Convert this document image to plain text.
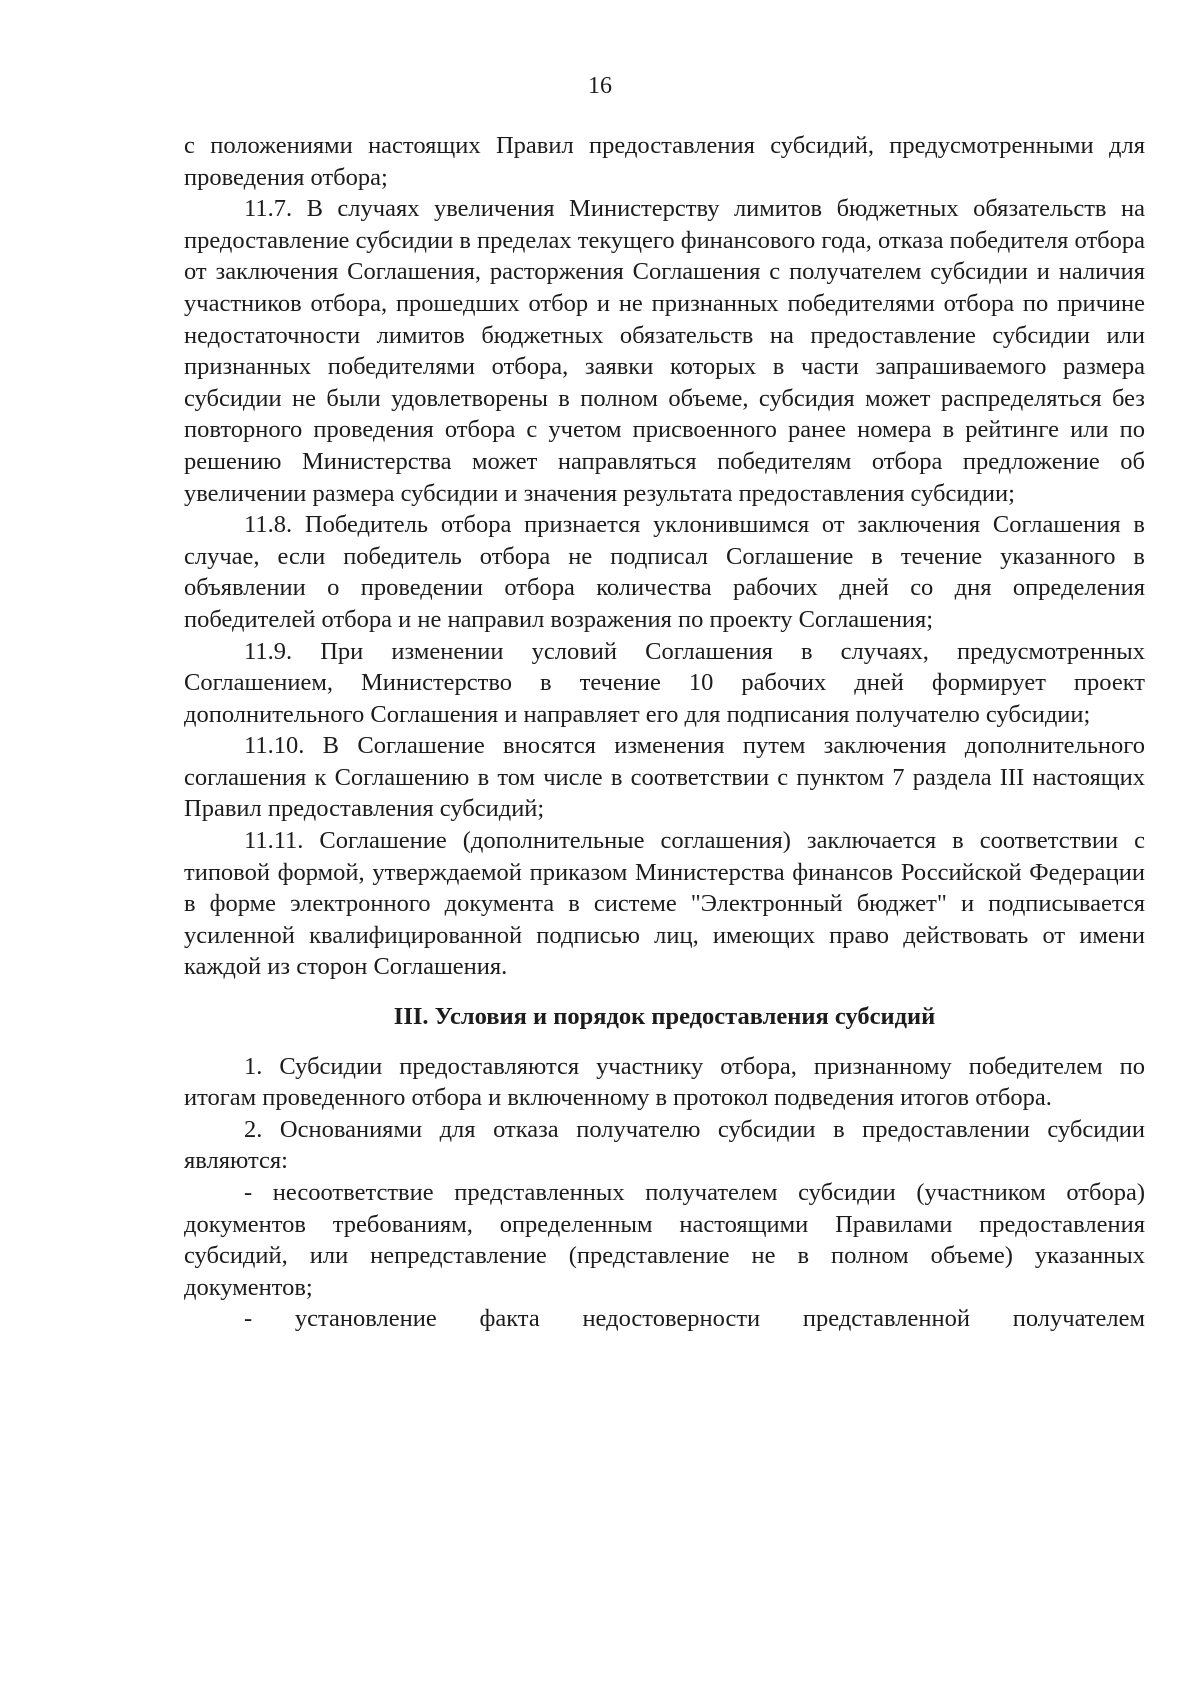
16

с положениями настоящих Правил предоставления субсидий, предусмотренными для проведения отбора;

11.7. В случаях увеличения Министерству лимитов бюджетных обязательств на предоставление субсидии в пределах текущего финансового года, отказа победителя отбора от заключения Соглашения, расторжения Соглашения с получателем субсидии и наличия участников отбора, прошедших отбор и не признанных победителями отбора по причине недостаточности лимитов бюджетных обязательств на предоставление субсидии или признанных победителями отбора, заявки которых в части запрашиваемого размера субсидии не были удовлетворены в полном объеме, субсидия может распределяться без повторного проведения отбора с учетом присвоенного ранее номера в рейтинге или по решению Министерства может направляться победителям отбора предложение об увеличении размера субсидии и значения результата предоставления субсидии;

11.8. Победитель отбора признается уклонившимся от заключения Соглашения в случае, если победитель отбора не подписал Соглашение в течение указанного в объявлении о проведении отбора количества рабочих дней со дня определения победителей отбора и не направил возражения по проекту Соглашения;

11.9. При изменении условий Соглашения в случаях, предусмотренных Соглашением, Министерство в течение 10 рабочих дней формирует проект дополнительного Соглашения и направляет его для подписания получателю субсидии;

11.10. В Соглашение вносятся изменения путем заключения дополнительного соглашения к Соглашению в том числе в соответствии с пунктом 7 раздела III настоящих Правил предоставления субсидий;

11.11. Соглашение (дополнительные соглашения) заключается в соответствии с типовой формой, утверждаемой приказом Министерства финансов Российской Федерации в форме электронного документа в системе "Электронный бюджет" и подписывается усиленной квалифицированной подписью лиц, имеющих право действовать от имени каждой из сторон Соглашения.

III. Условия и порядок предоставления субсидий

1. Субсидии предоставляются участнику отбора, признанному победителем по итогам проведенного отбора и включенному в протокол подведения итогов отбора.

2. Основаниями для отказа получателю субсидии в предоставлении субсидии являются:

- несоответствие представленных получателем субсидии (участником отбора) документов требованиям, определенным настоящими Правилами предоставления субсидий, или непредставление (представление не в полном объеме) указанных документов;

- установление факта недостоверности представленной получателем
